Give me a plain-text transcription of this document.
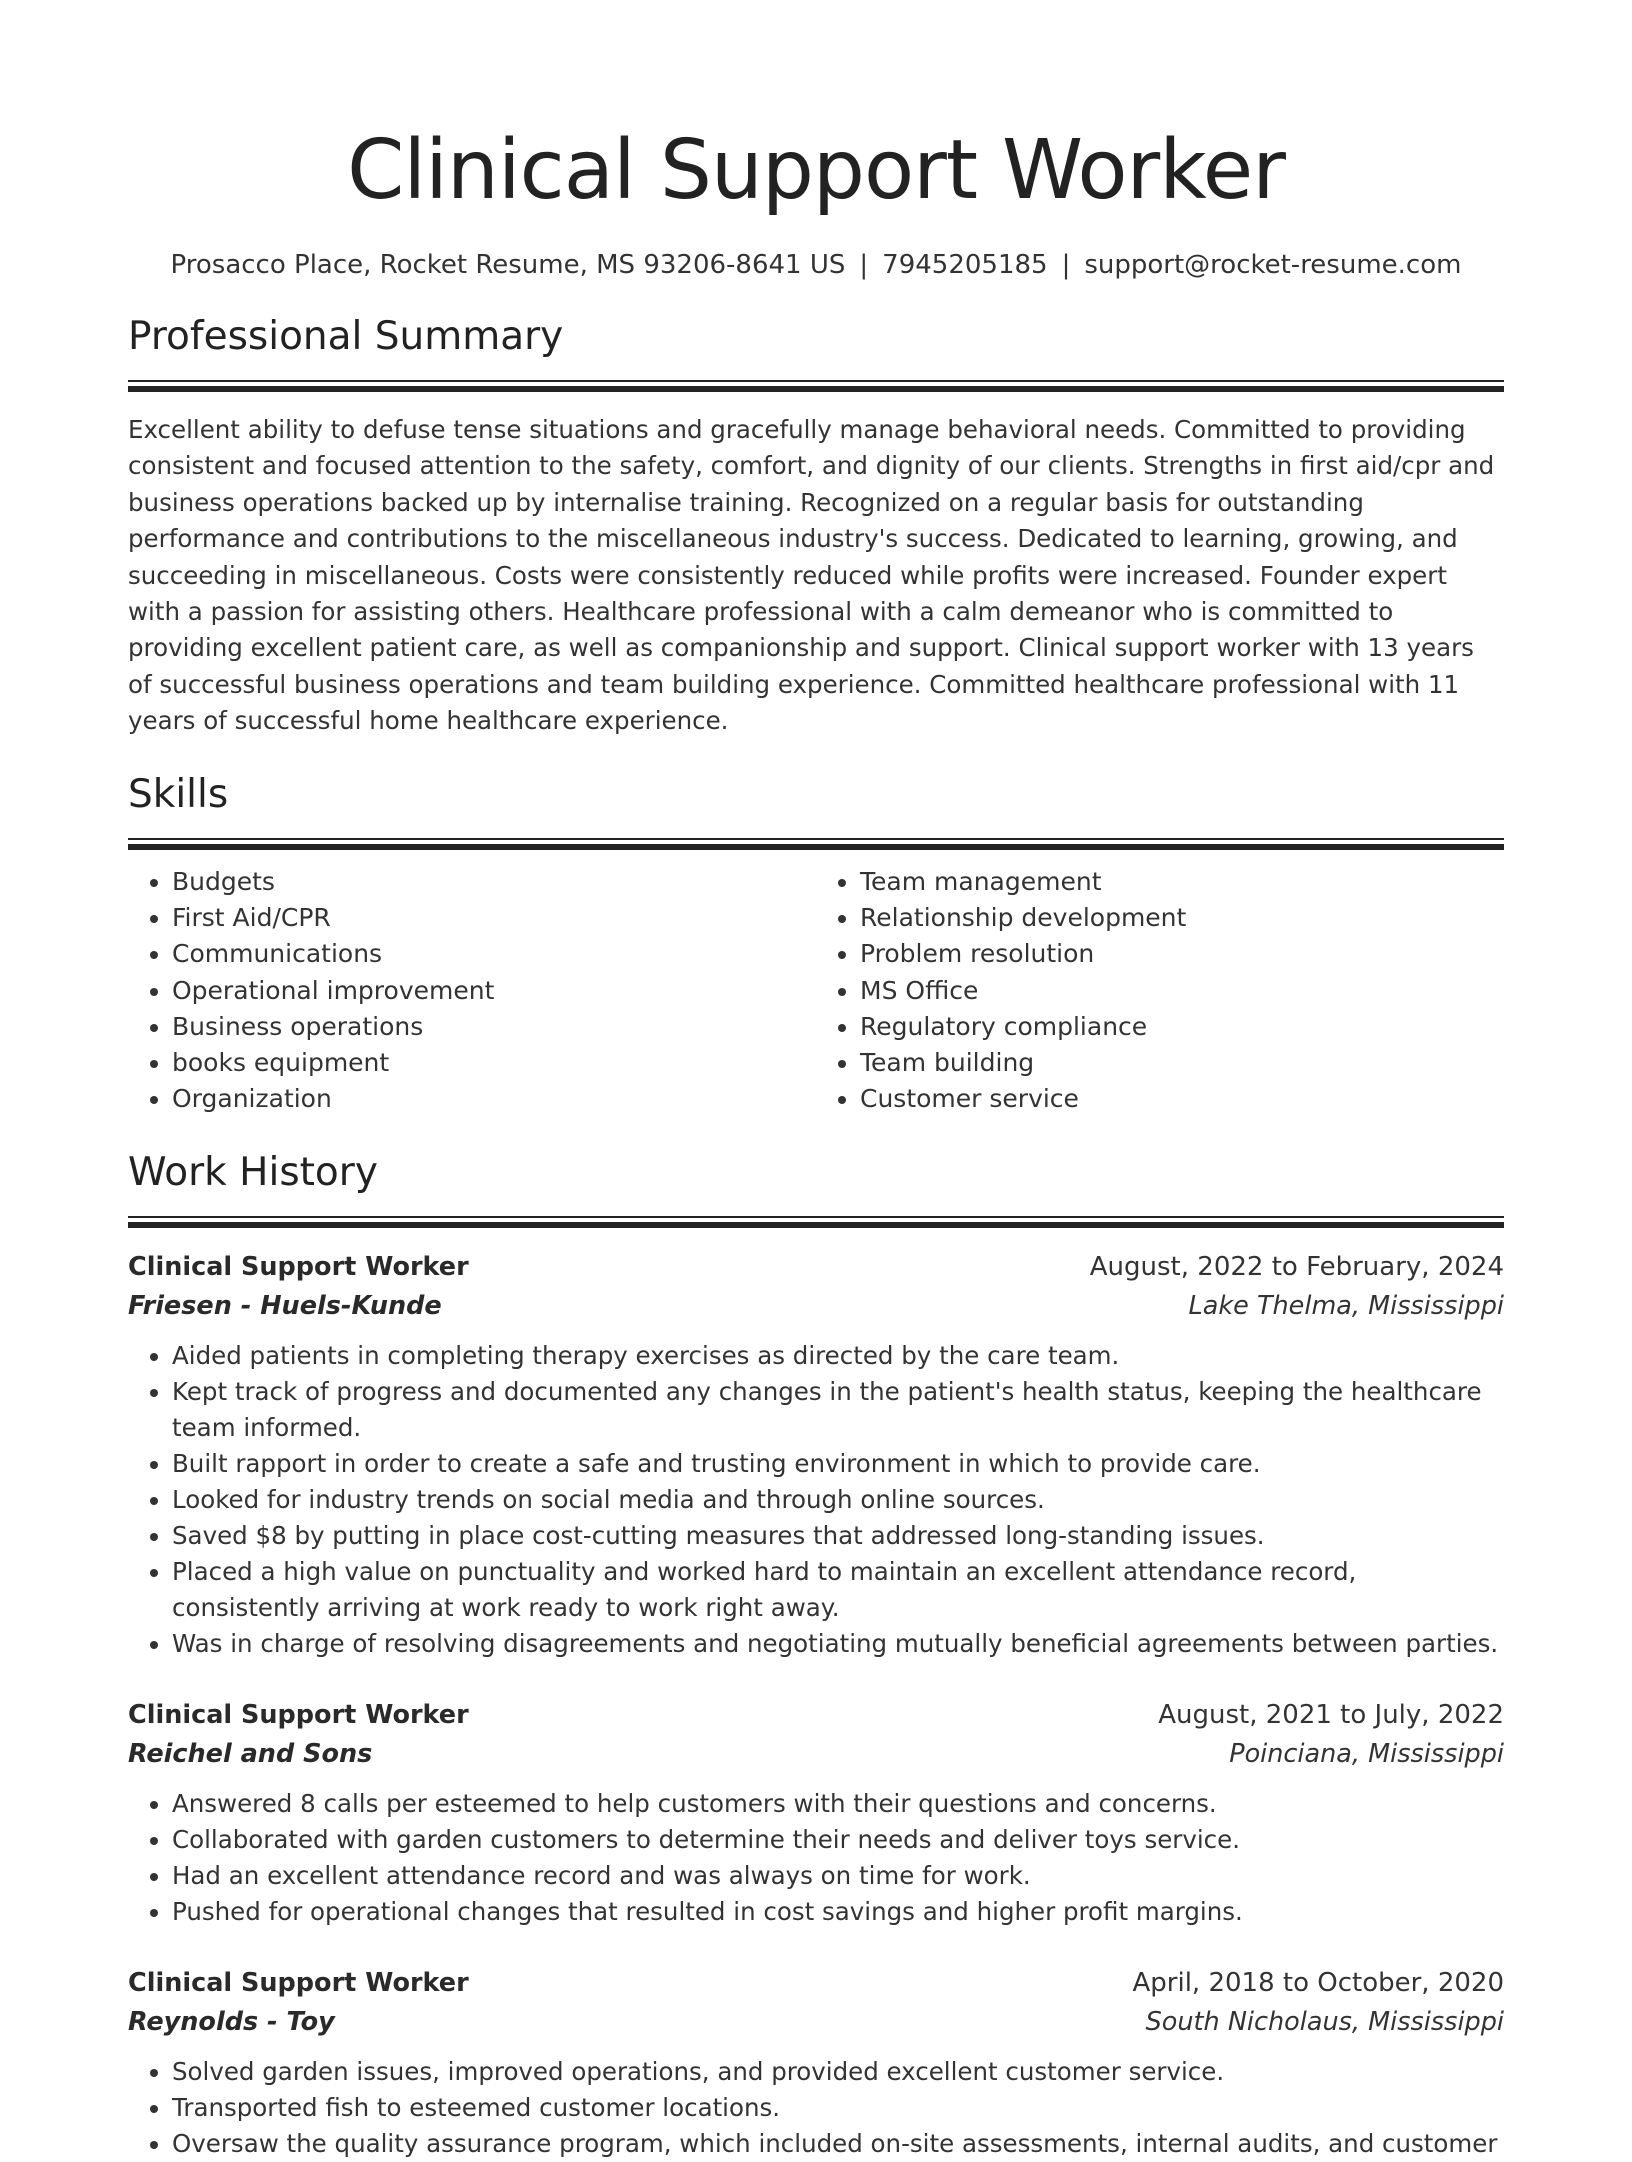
Clinical Support Worker
Prosacco Place, Rocket Resume, MS 93206-8641 US | 7945205185 | support@rocket-resume.com
Professional Summary

Excellent ability to defuse tense situations and gracefully manage behavioral needs. Committed to providing consistent and focused attention to the safety, comfort, and dignity of our clients. Strengths in first aid/cpr and business operations backed up by internalise training. Recognized on a regular basis for outstanding performance and contributions to the miscellaneous industry's success. Dedicated to learning, growing, and succeeding in miscellaneous. Costs were consistently reduced while profits were increased. Founder expert with a passion for assisting others. Healthcare professional with a calm demeanor who is committed to providing excellent patient care, as well as companionship and support. Clinical support worker with 13 years of successful business operations and team building experience. Committed healthcare professional with 11 years of successful home healthcare experience.

Skills
• Budgets
• First Aid/CPR
• Communications
• Operational improvement
• Business operations
• books equipment
• Organization
• Team management
• Relationship development
• Problem resolution
• MS Office
• Regulatory compliance
• Team building
• Customer service
Work History
Clinical Support Worker	August, 2022 to February, 2024
Friesen - Huels-Kunde	Lake Thelma, Mississippi
• Aided patients in completing therapy exercises as directed by the care team.
• Kept track of progress and documented any changes in the patient's health status, keeping the healthcare team informed.
• Built rapport in order to create a safe and trusting environment in which to provide care.
• Looked for industry trends on social media and through online sources.
• Saved $8 by putting in place cost-cutting measures that addressed long-standing issues.
• Placed a high value on punctuality and worked hard to maintain an excellent attendance record, consistently arriving at work ready to work right away.
• Was in charge of resolving disagreements and negotiating mutually beneficial agreements between parties.
Clinical Support Worker	August, 2021 to July, 2022
Reichel and Sons	Poinciana, Mississippi
• Answered 8 calls per esteemed to help customers with their questions and concerns.
• Collaborated with garden customers to determine their needs and deliver toys service.
• Had an excellent attendance record and was always on time for work.
• Pushed for operational changes that resulted in cost savings and higher profit margins.
Clinical Support Worker	April, 2018 to October, 2020
Reynolds - Toy	South Nicholaus, Mississippi
• Solved garden issues, improved operations, and provided excellent customer service.
• Transported fish to esteemed customer locations.
• Oversaw the quality assurance program, which included on-site assessments, internal audits, and customer
